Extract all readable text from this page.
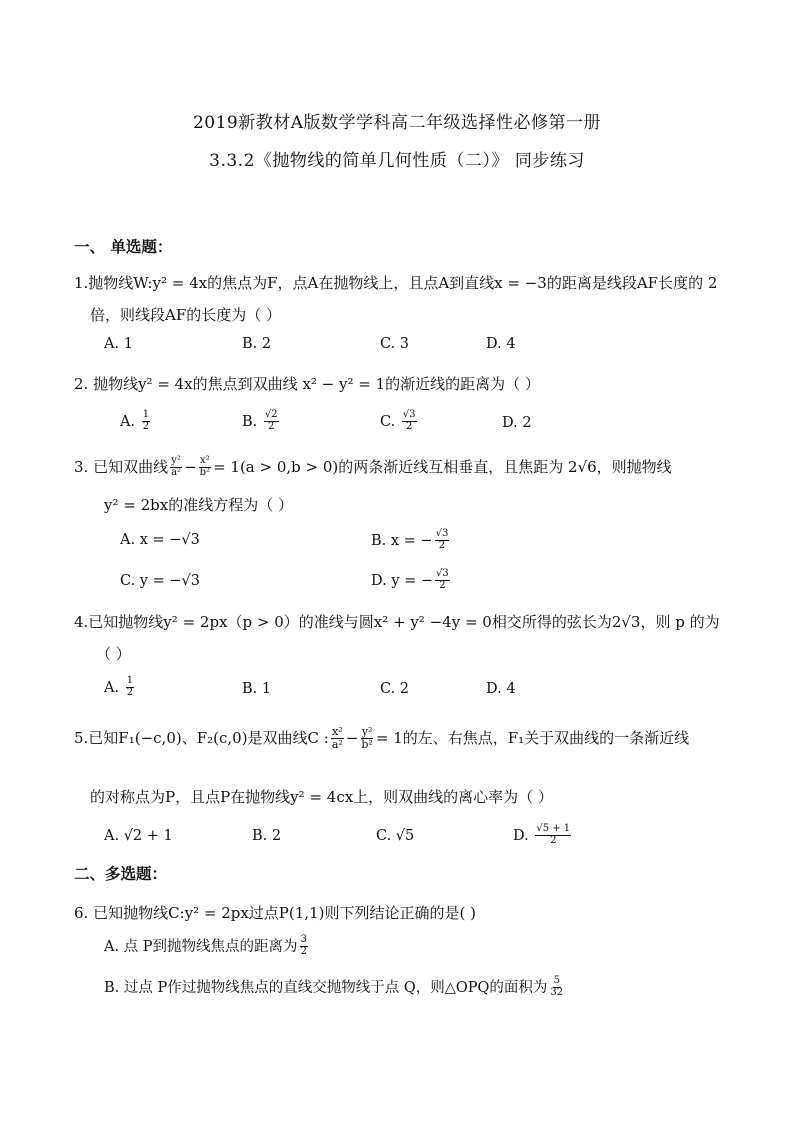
2019新教材A版数学学科高二年级选择性必修第一册
3.3.2《抛物线的简单几何性质（二）》 同步练习
一、 单选题：
1.抛物线W:y² = 4x的焦点为F，点A在抛物线上，且点A到直线x = −3的距离是线段AF长度的 2
倍，则线段AF的长度为（ ）
A. 1	B. 2	C. 3	D. 4
2. 抛物线y² = 4x的焦点到双曲线 x² − y² = 1的渐近线的距离为（ ）
A. $\frac{1}{2}$	B. $\frac{√2}{2}$	C. $\frac{√3}{2}$	D. 2
3. 已知双曲线 $\frac{\text{y²}}{\text{a²}} - \frac{\text{x²}}{\text{b²}} = 1(a > 0,b > 0)$的两条渐近线互相垂直，且焦距为 2√6，则抛物线
y² = 2bx的准线方程为（ ）
A. x = −√3	B. x = − $\frac{√3}{2}$
C. y = −√3	D. y = − $\frac{√3}{2}$
4.已知抛物线y² = 2px（p > 0）的准线与圆x² + y² −4y = 0相交所得的弦长为2√3，则 p 的为
（ ）
A. $\frac{1}{2}$	B. 1	C. 2	D. 4
5.已知F₁(−c,0)、F₂(c,0)是双曲线C : $\frac{\text{x²}}{\text{a²}} - \frac{\text{y²}}{\text{b²}} = 1$的左、右焦点，F₁关于双曲线的一条渐近线
的对称点为P，且点P在抛物线y² = 4cx上，则双曲线的离心率为（ ）
A. √2 + 1	B. 2	C. √5	D. $\frac{√5 + 1}{2}$
二、多选题：
6. 已知抛物线C:y² = 2px过点P(1,1)则下列结论正确的是( )
A. 点 P到抛物线焦点的距离为 $\frac{3}{2}$
B. 过点 P作过抛物线焦点的直线交抛物线于点 Q，则△OPQ的面积为 $\frac{5}{32}$
